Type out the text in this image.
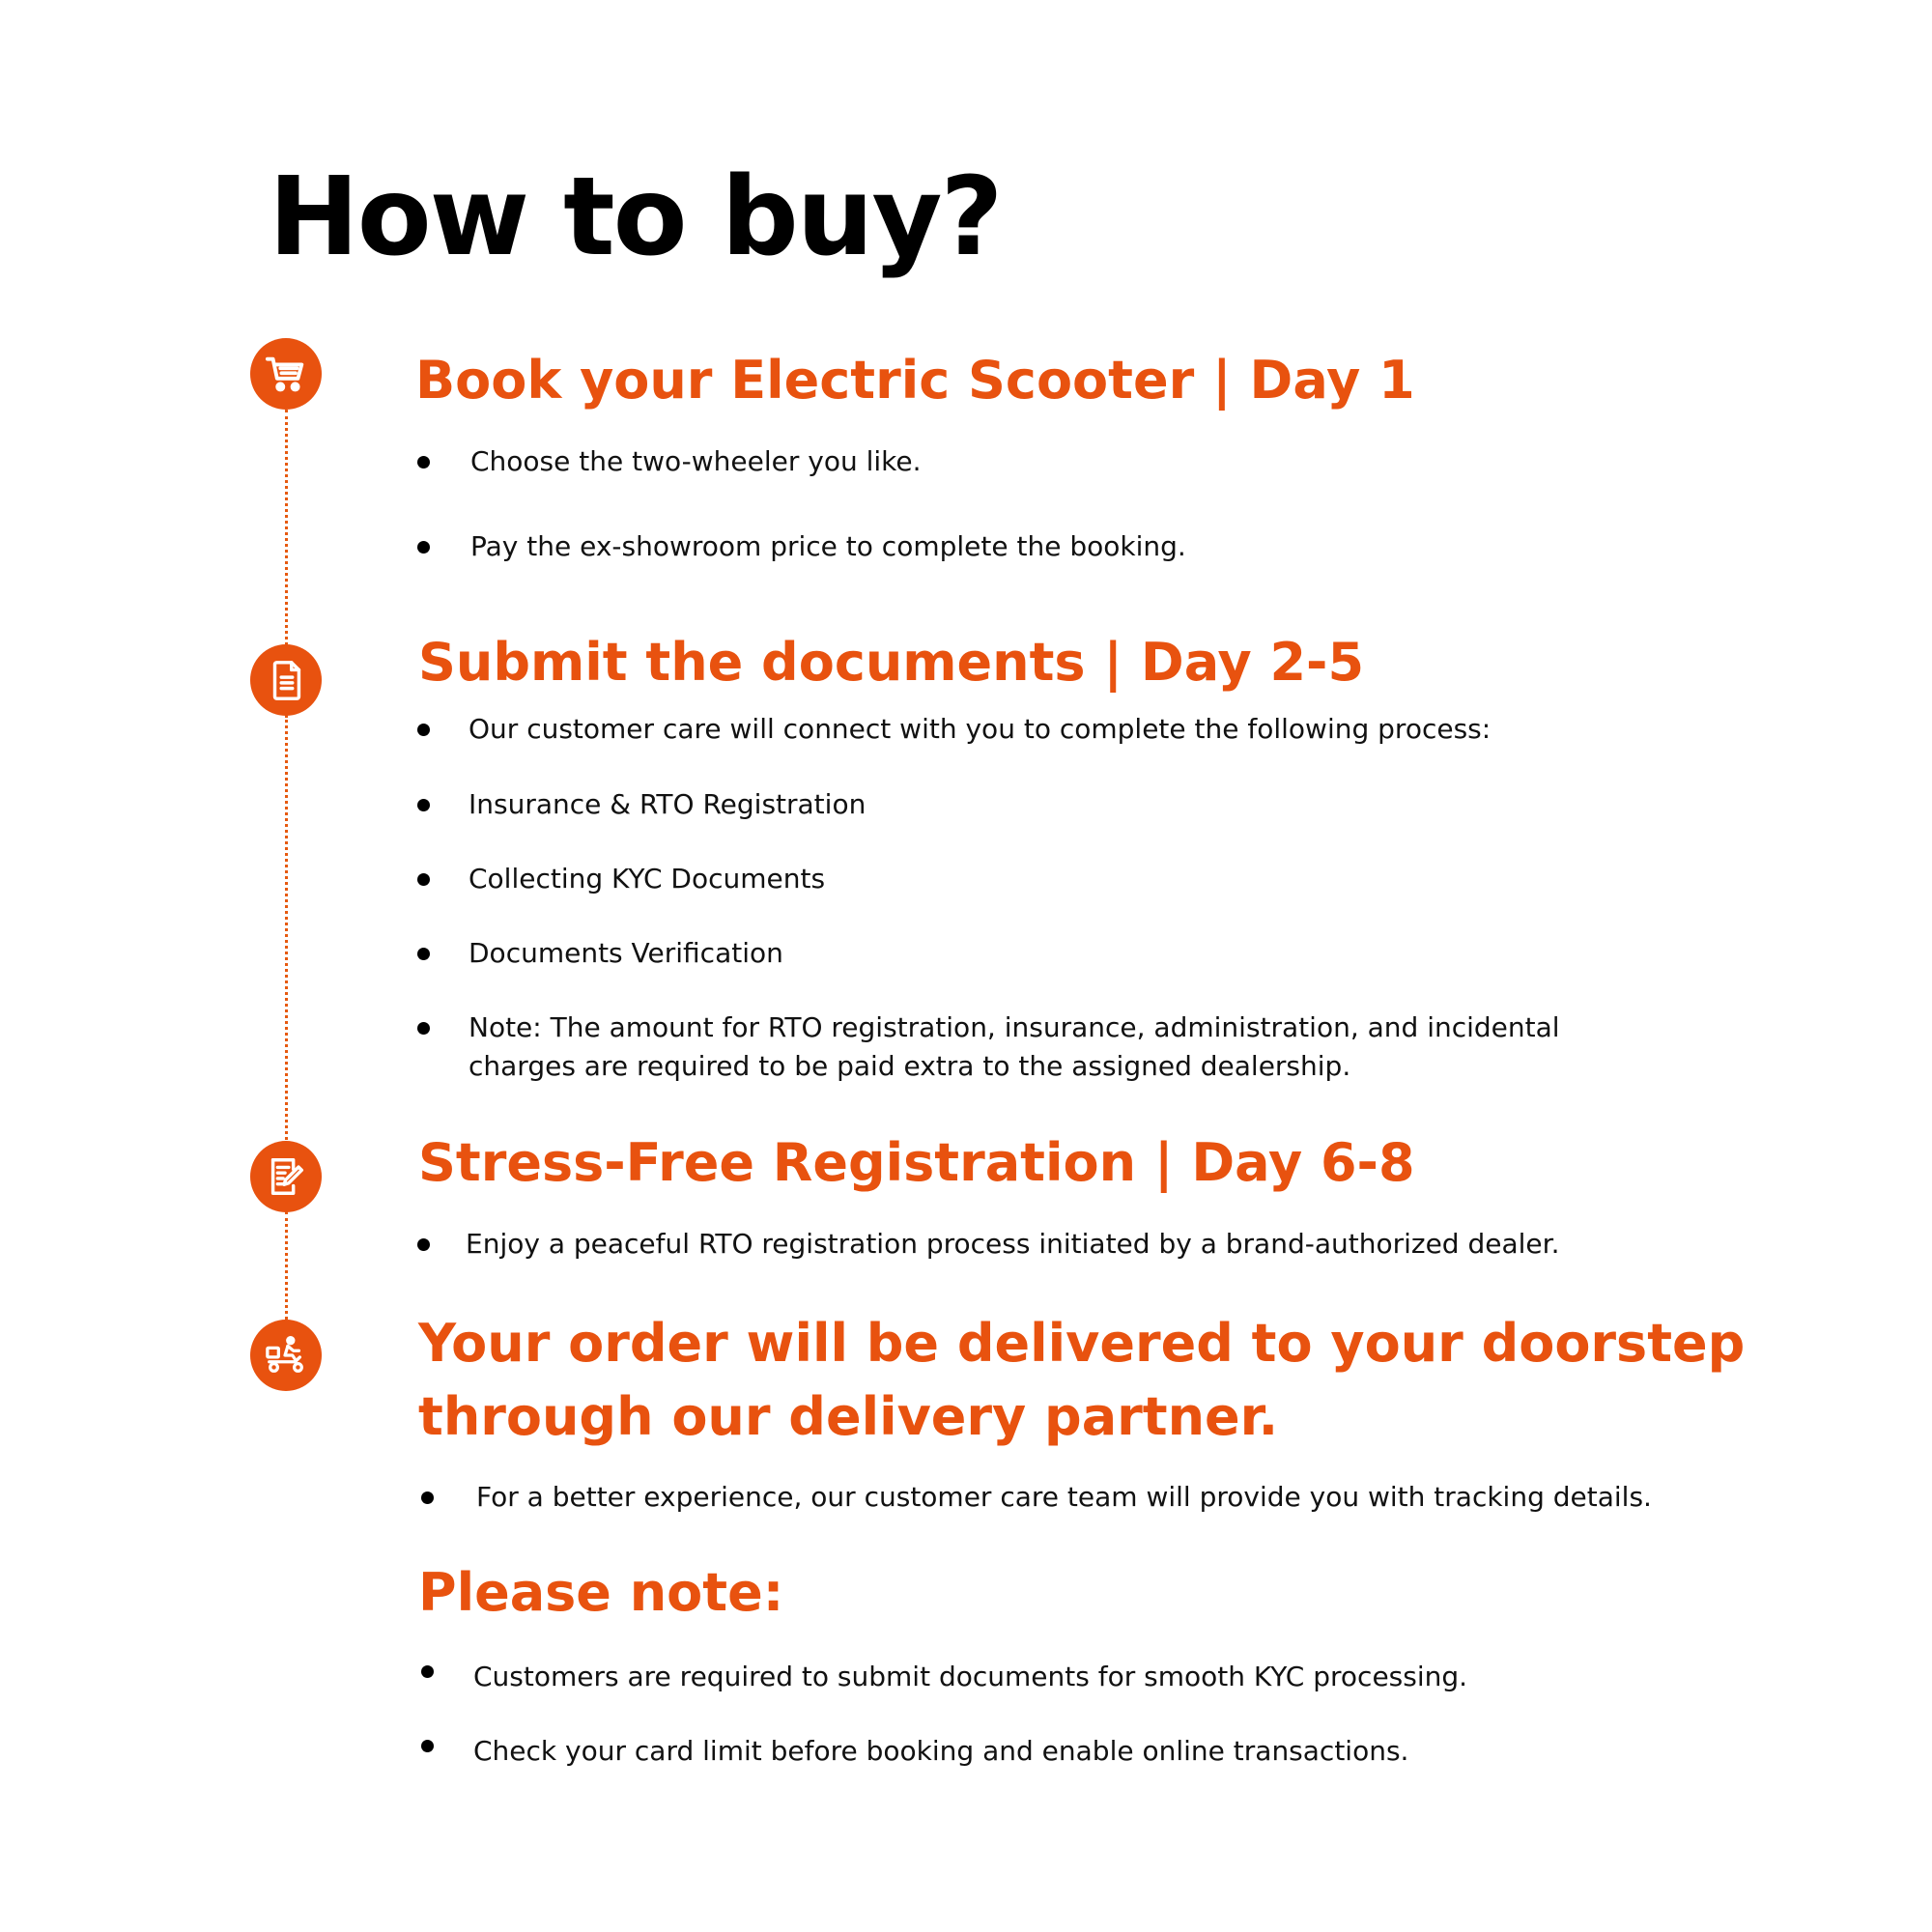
How to buy?
Book your Electric Scooter | Day 1
Choose the two-wheeler you like.
Pay the ex-showroom price to complete the booking.
Submit the documents | Day 2-5
Our customer care will connect with you to complete the following process:
Insurance & RTO Registration
Collecting KYC Documents
Documents Verification
Note: The amount for RTO registration, insurance, administration, and incidental charges are required to be paid extra to the assigned dealership.
Stress-Free Registration | Day 6-8
Enjoy a peaceful RTO registration process initiated by a brand-authorized dealer.
Your order will be delivered to your doorstep through our delivery partner.
For a better experience, our customer care team will provide you with tracking details.
Please note:
Customers are required to submit documents for smooth KYC processing.
Check your card limit before booking and enable online transactions.
